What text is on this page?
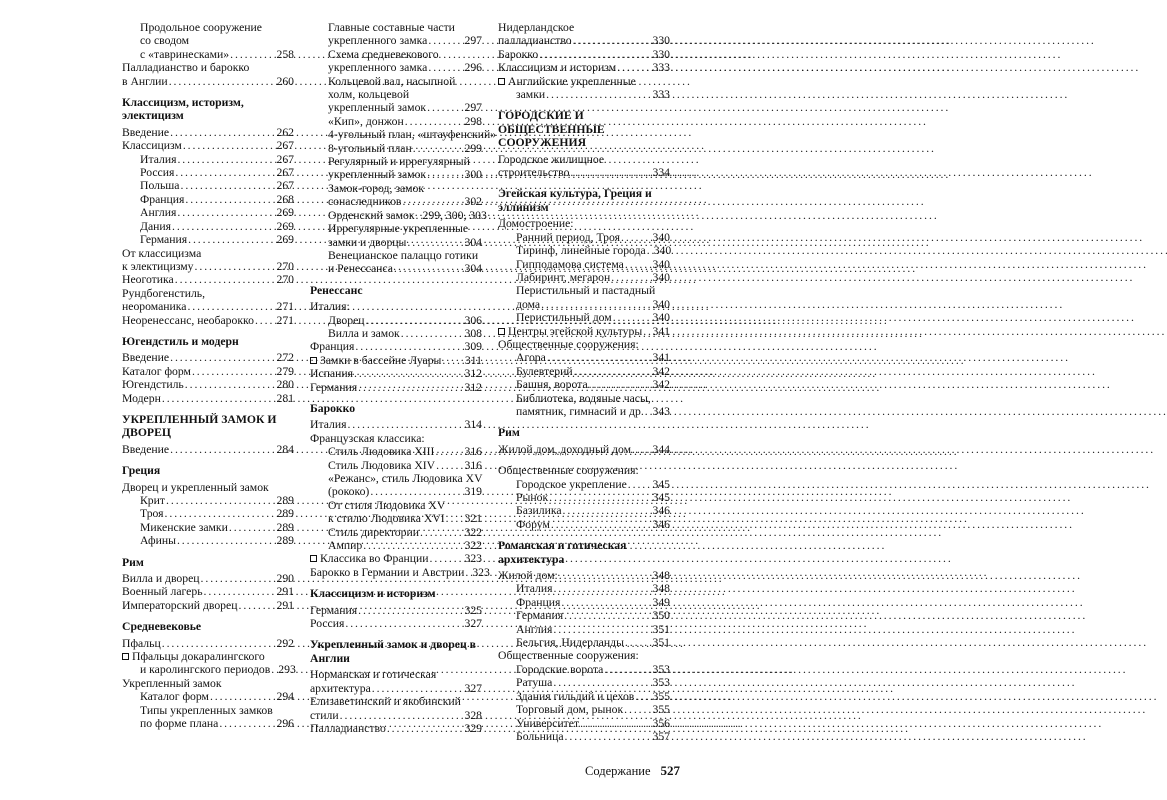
Продольное сооружение
со сводом
с «тавринесками» . . .	258
Палладианство и барокко
в Англии . . .	260
Классицизм, историзм, электицизм
Введение . . .	262
Классицизм . . .	267
Италия . . .	267
Россия . . .	267
Польша . . .	267
Франция . . .	268
Англия . . .	269
Дания . . .	269
Германия . . .	269
От классицизма
к электицизму . . .	270
Неоготика . . .	270
Рундбогенстиль,
неороманика . . .	271
Неоренессанс, необарокко . . . 271
Югендстиль и модерн
Введение . . .	272
Каталог форм . . .	279
Югендстиль . . .	280
Модерн . . .	281
УКРЕПЛЕННЫЙ ЗАМОК И ДВОРЕЦ
Введение . . .	284
Греция
Дворец и укрепленный замок
Крит . . .	289
Троя . . .	289
Микенские замки . . .	289
Афины . . .	289
Рим
Вилла и дворец . . .	290
Военный лагерь . . .	291
Императорский дворец . . .	291
Средневековье
Пфальц . . .	292
Пфальцы докаралингского
и каролингского периодов . . . 293
Укрепленный замок
Каталог форм . . .	294
Типы укрепленных замков
по форме плана . . .	296
Главные составные части
укрепленного замка . . .	297
Схема средневекового
укрепленного замка . . .	296
Кольцевой вал, насыпной
холм, кольцевой
укрепленный замок . . .	297
«Кип», донжон . . .	298
4-угольный план, «штауфенский»
8-угольный план . . .	299
Регулярный и иррегулярный
укрепленный замок . . .	300
Замок-город, замок
сонаследников . . .	302
Орденский замок . . . 299, 300, 303
Иррегулярные укрепленные
замки и дворцы . . .	304
Венецианское палаццо готики
и Ренессанса . . .	304
Ренессанс
Италия:
Дворец . . .	306
Вилла и замок . . .	308
Франция . . .	309
Замки в бассейне Луары . . . 311
Испания . . .	312
Германия . . .	312
Барокко
Италия . . .	314
Французская классика:
Стиль Людовика XIII . . .	316
Стиль Людовика XIV . . .	316
«Режанс», стиль Людовика XV
(рококо) . . .	319
От стиля Людовика XV
к стилю Людовика XVI . . . 321
Стиль директории . . .	322
Ампир . . .	322
Классика во Франции . . .	323
Барокко в Германии и Австрии . . . 323
Классицизм и историзм
Германия . . .	325
Россия . . .	327
Укрепленный замок и дворец в Англии
Норманская и готическая
архитектура . . .	327
Елизаветинский и якобинский
стили . . .	328
Палладианство . . .	329
Нидерландское
палладианство . . .	330
Барокко . . .	330
Классицизм и историзм . . .	333
Английские укрепленные
замки . . .	333
ГОРОДСКИЕ И ОБЩЕСТВЕННЫЕ СООРУЖЕНИЯ
Городское жилищное
строительство . . .	334
Эгейская культура, Греция и эллинизм
Домостроение:
Ранний период, Троя . . .	340
Тиринф, линейные города . . . 340
Гипподамова система . . . 340
Лабиринт, мегарон . . .	340
Перистильный и пастадный
дома . . .	340
Перистильный дом . . .	340
Центры эгейской культуры . . . 341
Общественные сооружения:
Агора . . .	341
Булевтерий . . .	342
Башня, ворота . . .	342
Библиотека, водяные часы,
памятник, гимнасий и др. . . . 343
Рим
Жилой дом, доходный дом . . . 344
Общественные сооружения:
Городское укрепление . . . 345
Рынок . . .	345
Базилика . . .	346
Форум . . .	346
Романская и готическая архитектура
Жилой дом: . . .	348
Италия . . .	348
Франция . . .	349
Германия . . .	350
Англия . . .	351
Бельгия, Нидерланды . . . 351
Общественные сооружения:
Городские ворота . . .	353
Ратуша . . .	353
Здания гильдий и цехов . . . 355
Торговый дом, рынок . . .	355
Университет . . .	356
Больница . . .	357
Содержание 527
